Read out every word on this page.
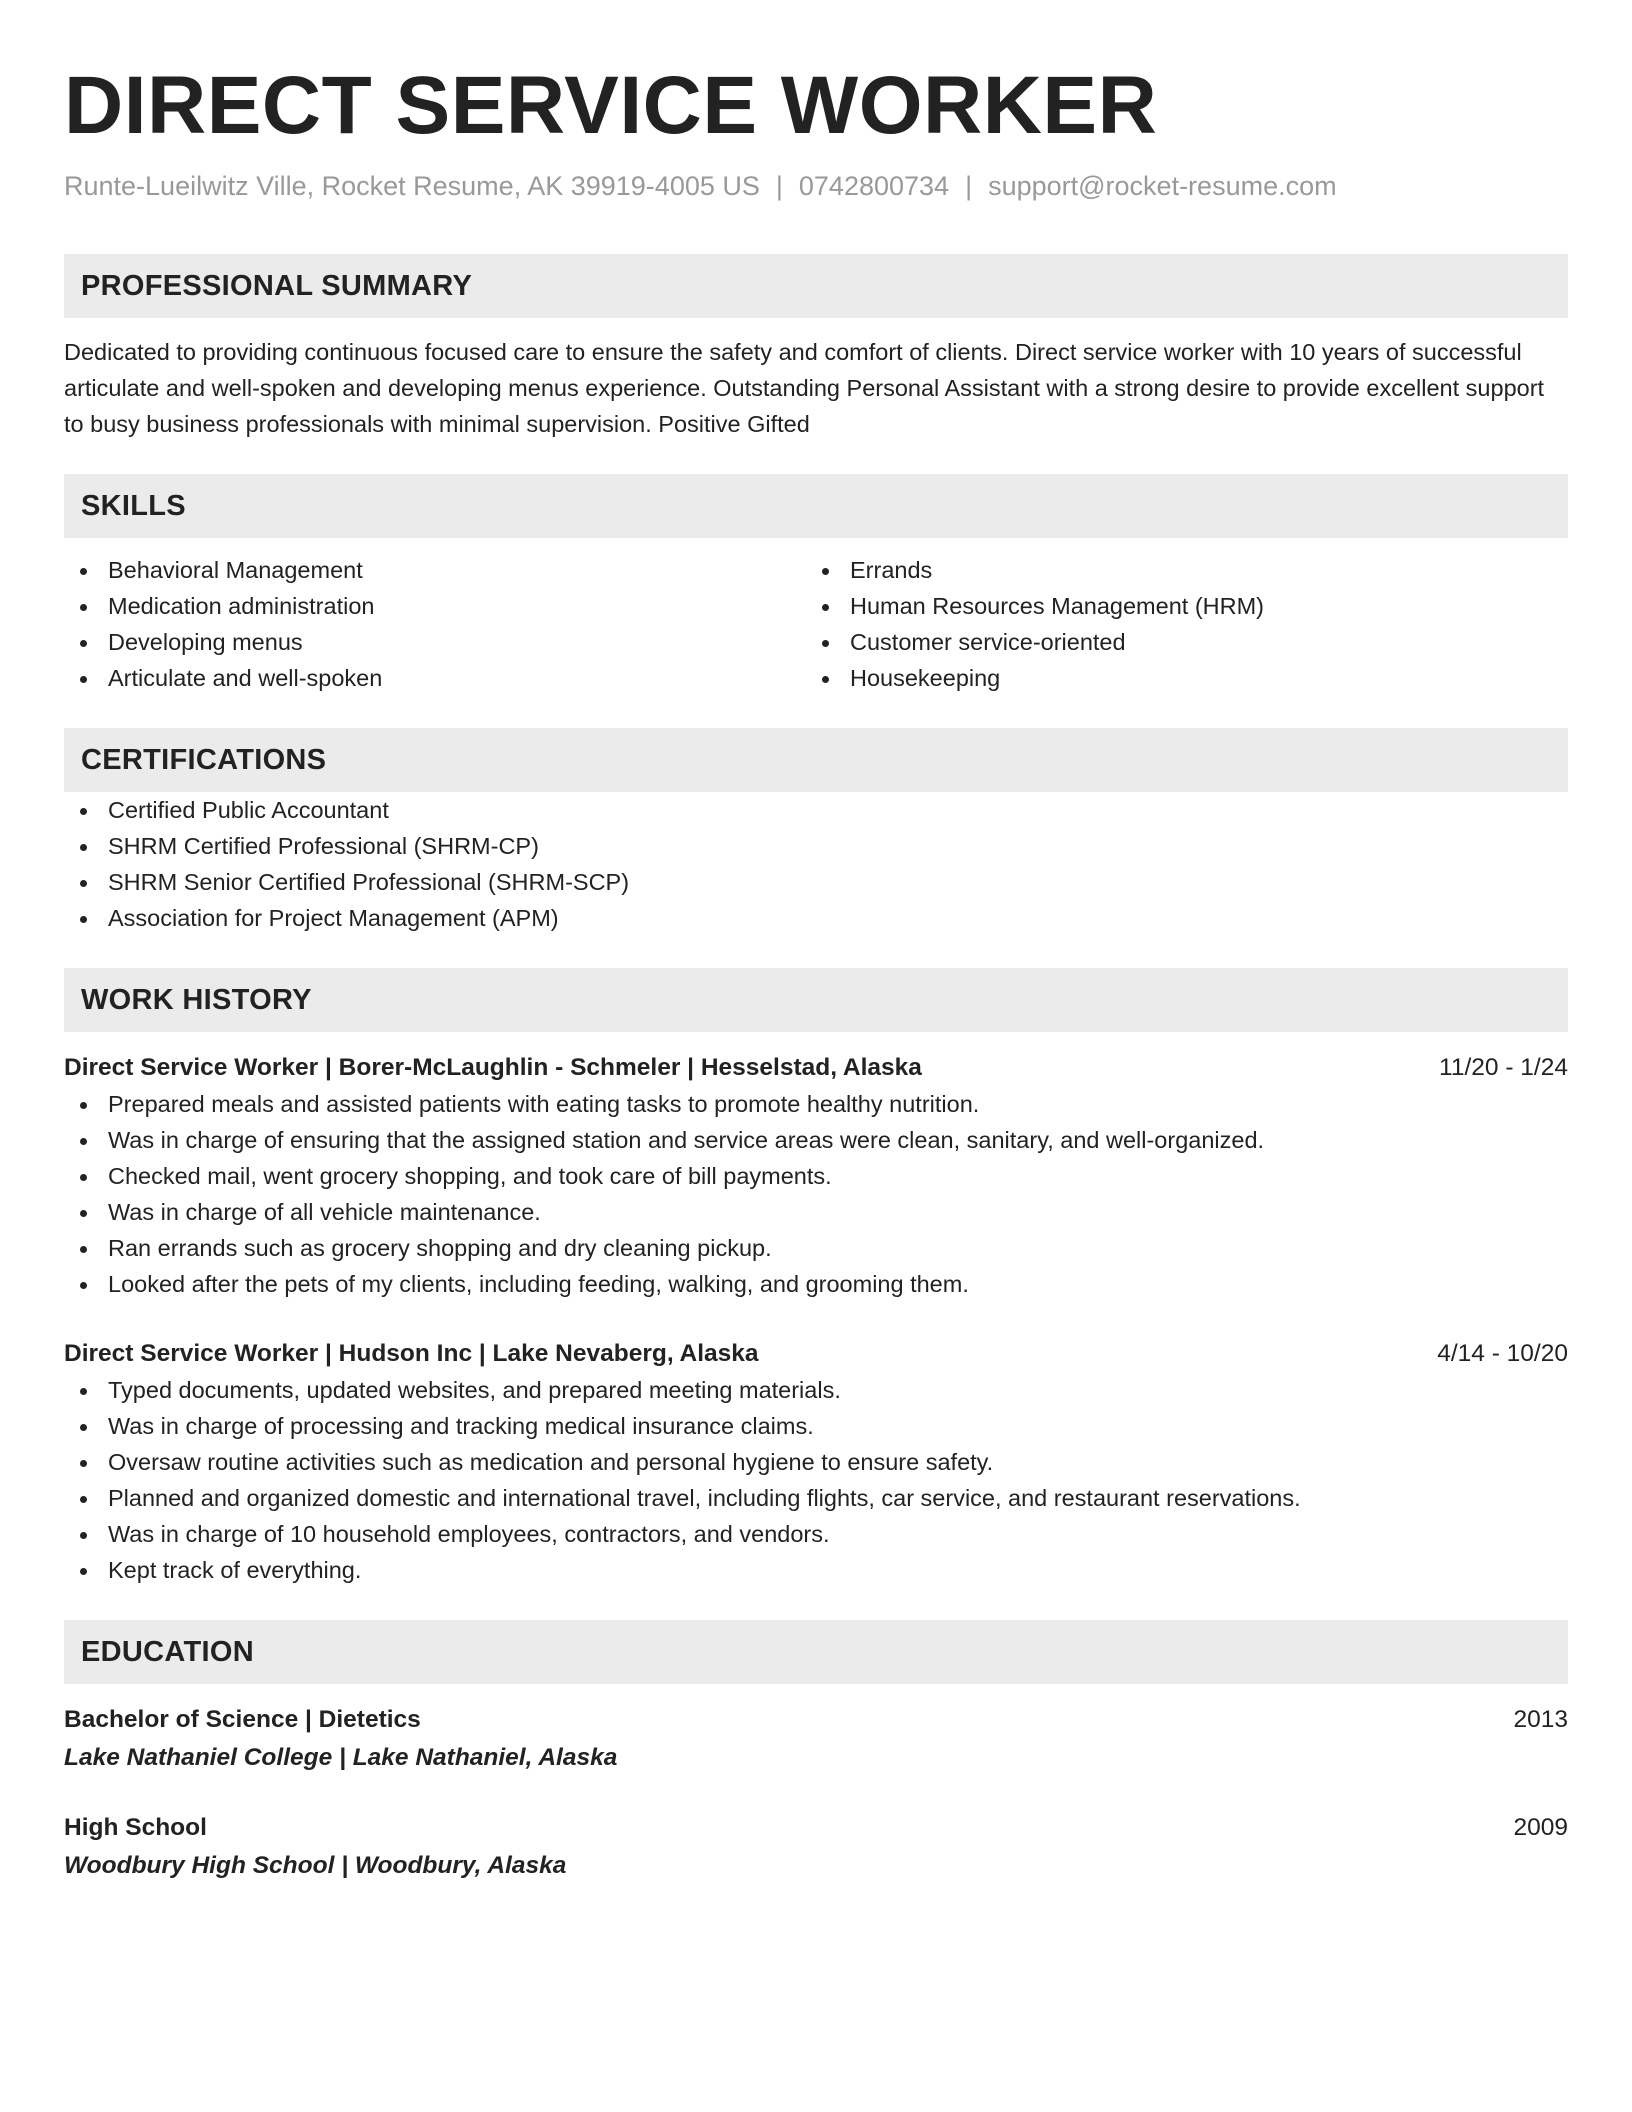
DIRECT SERVICE WORKER
Runte-Lueilwitz Ville, Rocket Resume, AK 39919-4005 US | 0742800734 | support@rocket-resume.com
PROFESSIONAL SUMMARY
Dedicated to providing continuous focused care to ensure the safety and comfort of clients. Direct service worker with 10 years of successful articulate and well-spoken and developing menus experience. Outstanding Personal Assistant with a strong desire to provide excellent support to busy business professionals with minimal supervision. Positive Gifted
SKILLS
Behavioral Management
Medication administration
Developing menus
Articulate and well-spoken
Errands
Human Resources Management (HRM)
Customer service-oriented
Housekeeping
CERTIFICATIONS
Certified Public Accountant
SHRM Certified Professional (SHRM-CP)
SHRM Senior Certified Professional (SHRM-SCP)
Association for Project Management (APM)
WORK HISTORY
Direct Service Worker | Borer-McLaughlin - Schmeler | Hesselstad, Alaska	11/20 - 1/24
Prepared meals and assisted patients with eating tasks to promote healthy nutrition.
Was in charge of ensuring that the assigned station and service areas were clean, sanitary, and well-organized.
Checked mail, went grocery shopping, and took care of bill payments.
Was in charge of all vehicle maintenance.
Ran errands such as grocery shopping and dry cleaning pickup.
Looked after the pets of my clients, including feeding, walking, and grooming them.
Direct Service Worker | Hudson Inc | Lake Nevaberg, Alaska	4/14 - 10/20
Typed documents, updated websites, and prepared meeting materials.
Was in charge of processing and tracking medical insurance claims.
Oversaw routine activities such as medication and personal hygiene to ensure safety.
Planned and organized domestic and international travel, including flights, car service, and restaurant reservations.
Was in charge of 10 household employees, contractors, and vendors.
Kept track of everything.
EDUCATION
Bachelor of Science | Dietetics	2013
Lake Nathaniel College | Lake Nathaniel, Alaska
High School	2009
Woodbury High School | Woodbury, Alaska
